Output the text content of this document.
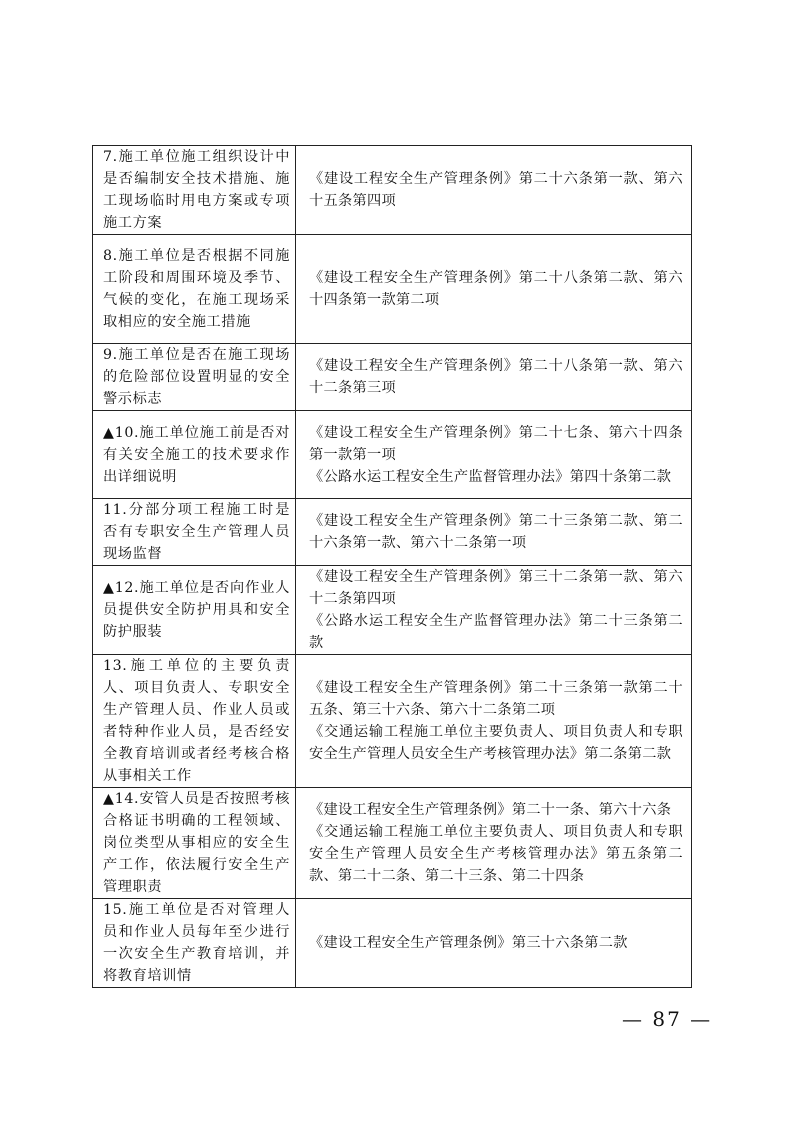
7.施工单位施工组织设计中是否编制安全技术措施、施工现场临时用电方案或专项施工方案	《建设工程安全生产管理条例》第二十六条第一款、第六十五条第四项

8.施工单位是否根据不同施工阶段和周围环境及季节、气候的变化，在施工现场采取相应的安全施工措施	《建设工程安全生产管理条例》第二十八条第二款、第六十四条第一款第二项

9.施工单位是否在施工现场的危险部位设置明显的安全警示标志	《建设工程安全生产管理条例》第二十八条第一款、第六十二条第三项

▲10.施工单位施工前是否对有关安全施工的技术要求作出详细说明	《建设工程安全生产管理条例》第二十七条、第六十四条第一款第一项
《公路水运工程安全生产监督管理办法》第四十条第二款

11.分部分项工程施工时是否有专职安全生产管理人员现场监督	《建设工程安全生产管理条例》第二十三条第二款、第二十六条第一款、第六十二条第一项

▲12.施工单位是否向作业人员提供安全防护用具和安全防护服装	《建设工程安全生产管理条例》第三十二条第一款、第六十二条第四项
《公路水运工程安全生产监督管理办法》第二十三条第二款

13.施工单位的主要负责人、项目负责人、专职安全生产管理人员、作业人员或者特种作业人员，是否经安全教育培训或者经考核合格从事相关工作	《建设工程安全生产管理条例》第二十三条第一款第二十五条、第三十六条、第六十二条第二项
《交通运输工程施工单位主要负责人、项目负责人和专职安全生产管理人员安全生产考核管理办法》第二条第二款

▲14.安管人员是否按照考核合格证书明确的工程领域、岗位类型从事相应的安全生产工作，依法履行安全生产管理职责	《建设工程安全生产管理条例》第二十一条、第六十六条
《交通运输工程施工单位主要负责人、项目负责人和专职安全生产管理人员安全生产考核管理办法》第五条第二款、第二十二条、第二十三条、第二十四条

15.施工单位是否对管理人员和作业人员每年至少进行一次安全生产教育培训，并将教育培训情	《建设工程安全生产管理条例》第三十六条第二款
— 87 —
